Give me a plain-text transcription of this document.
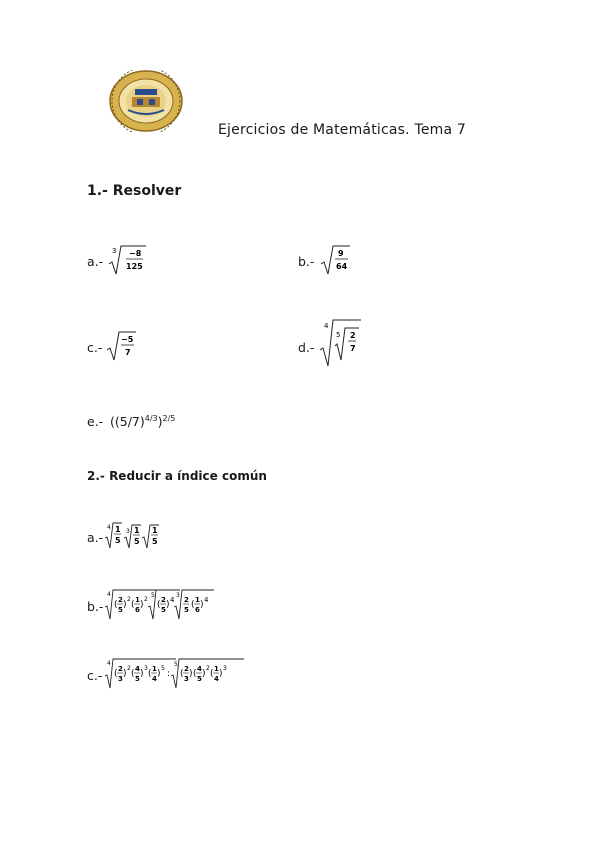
Ejercicios de Matemáticas. Tema 7
1.- Resolver
a.-
3 −8
125	b.-
9
64
c.-
−5
7	d.-
4
5 2
7
e.- $((5/7)^{4/3})^{2/5}$
2.- Reducir a índice común
a.-
4 1
5
3 1
5
1
5
b.-
4
( 2
5 )
2
( 1
6 )
2
5
( 2
5 ) 4
3
2
5 ( 1
6 ) 4
c.-
4
( 2
3 )
2
( 4
5 )
3
( 1
4 )
5
:
5
( 2
3 ) ( 4
5 )
2
( 1
4 )
3
